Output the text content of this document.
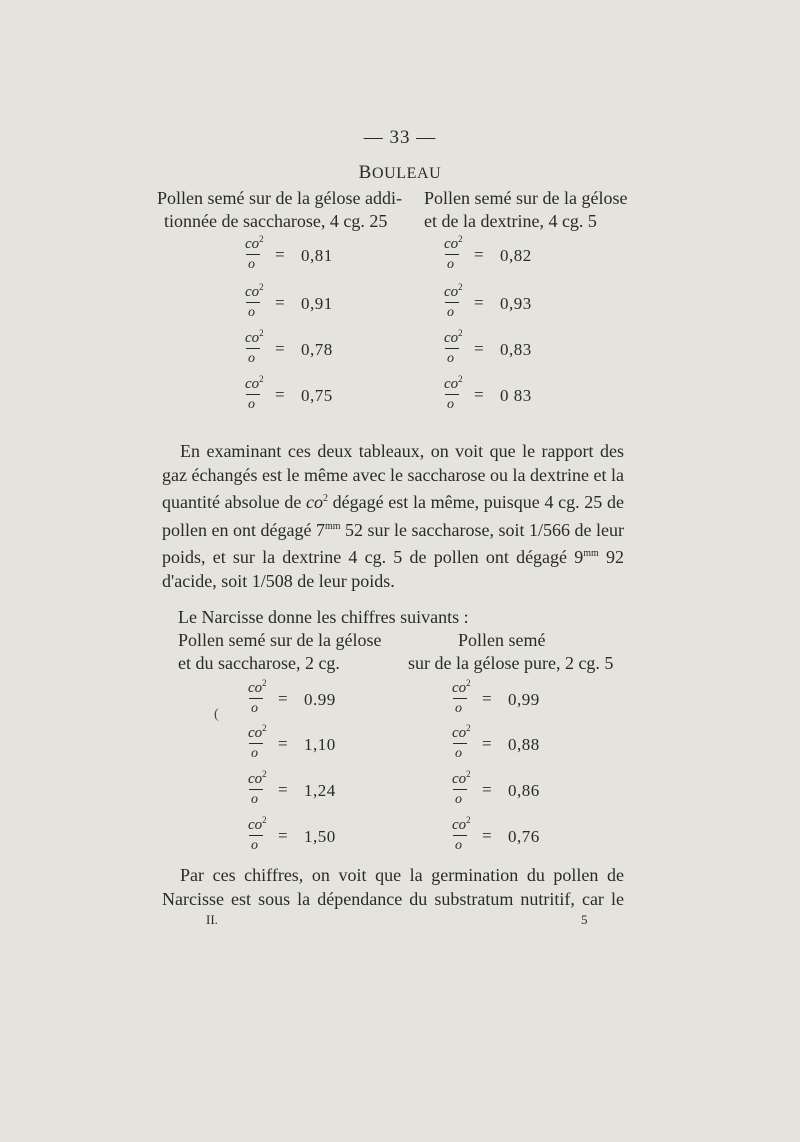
— 33 —
BOULEAU
Pollen semé sur de la gélose addi-
tionnée de saccharose, 4 cg. 25
Pollen semé sur de la gélose
et de la dextrine, 4 cg. 5
$co^2$
o
= 0,81
$co^2$
o
= 0,91
$co^2$
o
= 0,78
$co^2$
o
= 0,75
$co^2$
o
= 0,82
$co^2$
o
= 0,93
$co^2$
o
= 0,83
$co^2$
o
= 0 83
En examinant ces deux tableaux, on voit que le rapport des
gaz échangés est le même avec le saccharose ou la dextrine et la
quantité absolue de $co^2$ dégagé est la même, puisque 4 cg. 25 de
pollen en ont dégagé $7^{mm}$ 52 sur le saccharose, soit 1/566 de leur
poids, et sur la dextrine 4 cg. 5 de pollen ont dégagé $9^{mm}$ 92
d'acide, soit 1/508 de leur poids.
Le Narcisse donne les chiffres suivants :
Pollen semé sur de la gélose
et du saccharose, 2 cg.
Pollen semé
sur de la gélose pure, 2 cg. 5
(
$co^2$
o
= 0.99
$co^2$
o
= 1,10
$co^2$
o
= 1,24
$co^2$
o
= 1,50
$co^2$
o
= 0,99
$co^2$
o
= 0,88
$co^2$
o
= 0,86
$co^2$
o
= 0,76
Par ces chiffres, on voit que la germination du pollen de
Narcisse est sous la dépendance du substratum nutritif, car le
II.	5
